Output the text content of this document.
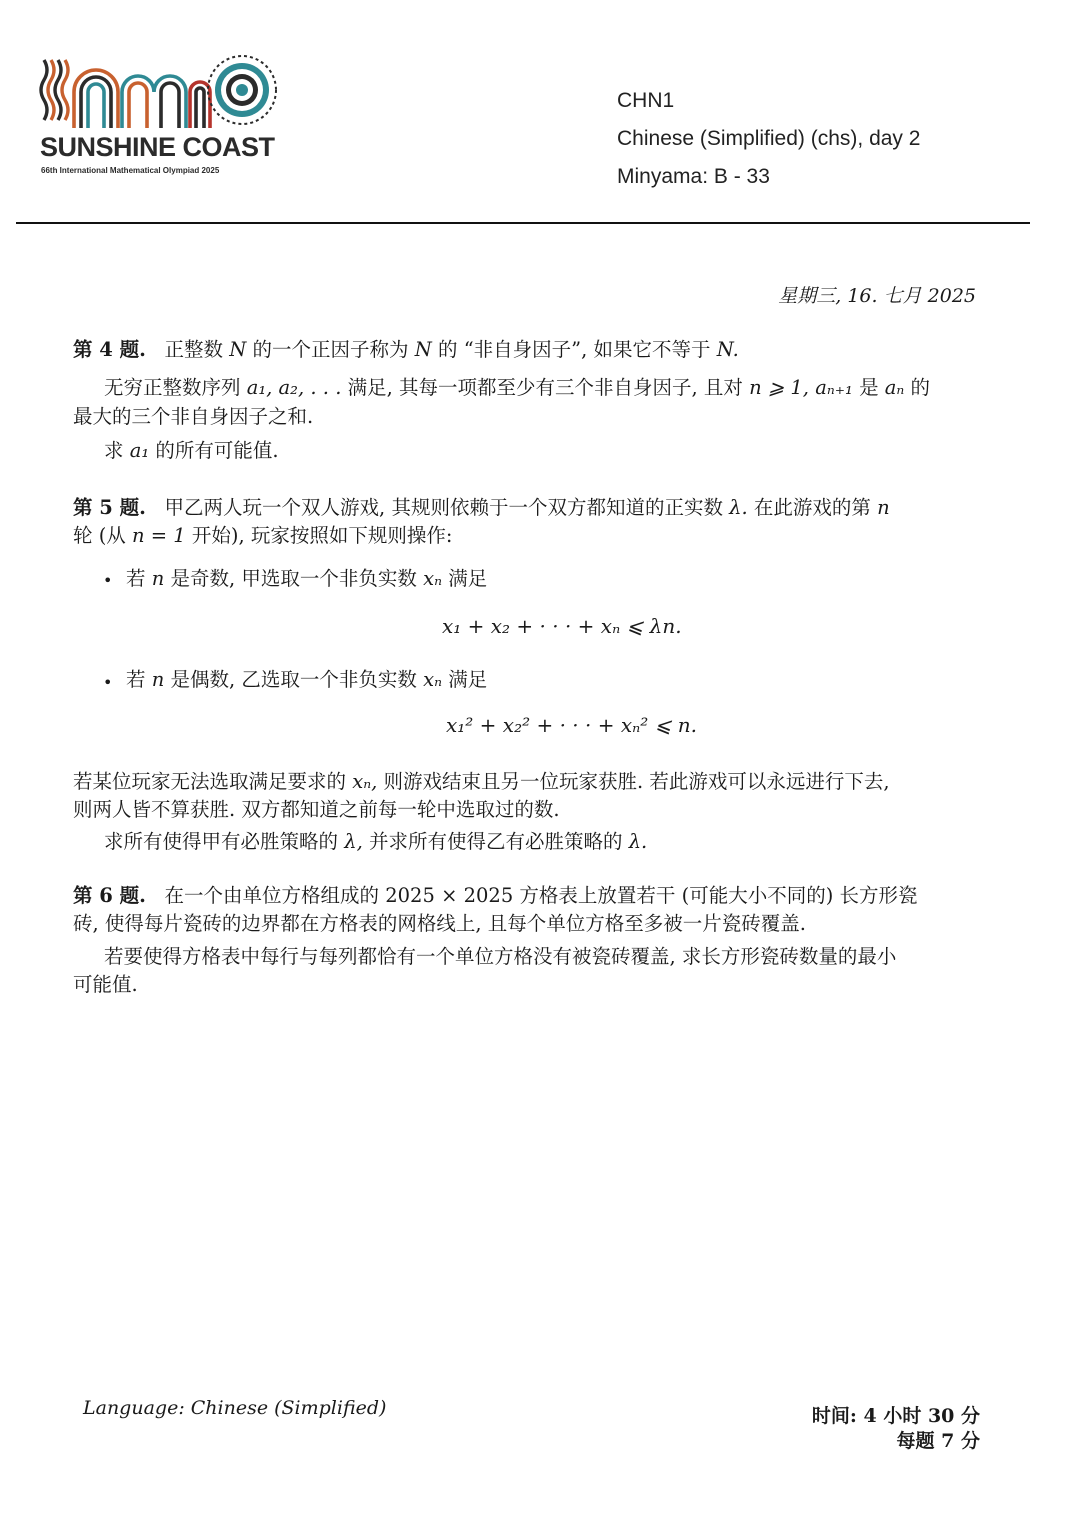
SUNSHINE COAST
66th International Mathematical Olympiad 2025
CHN1
Chinese (Simplified) (chs), day 2
Minyama: B - 33
星期三, 16. 七月 2025
第 4 题. 正整数 N 的一个正因子称为 N 的 “非自身因子”, 如果它不等于 N.
无穷正整数序列 a₁, a₂, . . . 满足, 其每一项都至少有三个非自身因子, 且对 n ⩾ 1, aₙ₊₁ 是 aₙ 的
最大的三个非自身因子之和.
求 a₁ 的所有可能值.
第 5 题. 甲乙两人玩一个双人游戏, 其规则依赖于一个双方都知道的正实数 λ. 在此游戏的第 n
轮 (从 n = 1 开始), 玩家按照如下规则操作:
• 若 n 是奇数, 甲选取一个非负实数 xₙ 满足
x₁ + x₂ + · · · + xₙ ⩽ λn.
• 若 n 是偶数, 乙选取一个非负实数 xₙ 满足
x₁² + x₂² + · · · + xₙ² ⩽ n.
若某位玩家无法选取满足要求的 xₙ, 则游戏结束且另一位玩家获胜. 若此游戏可以永远进行下去,
则两人皆不算获胜. 双方都知道之前每一轮中选取过的数.
求所有使得甲有必胜策略的 λ, 并求所有使得乙有必胜策略的 λ.
第 6 题. 在一个由单位方格组成的 2025 × 2025 方格表上放置若干 (可能大小不同的) 长方形瓷
砖, 使得每片瓷砖的边界都在方格表的网格线上, 且每个单位方格至多被一片瓷砖覆盖.
若要使得方格表中每行与每列都恰有一个单位方格没有被瓷砖覆盖, 求长方形瓷砖数量的最小
可能值.
Language: Chinese (Simplified)	时间: 4 小时 30 分
每题 7 分
